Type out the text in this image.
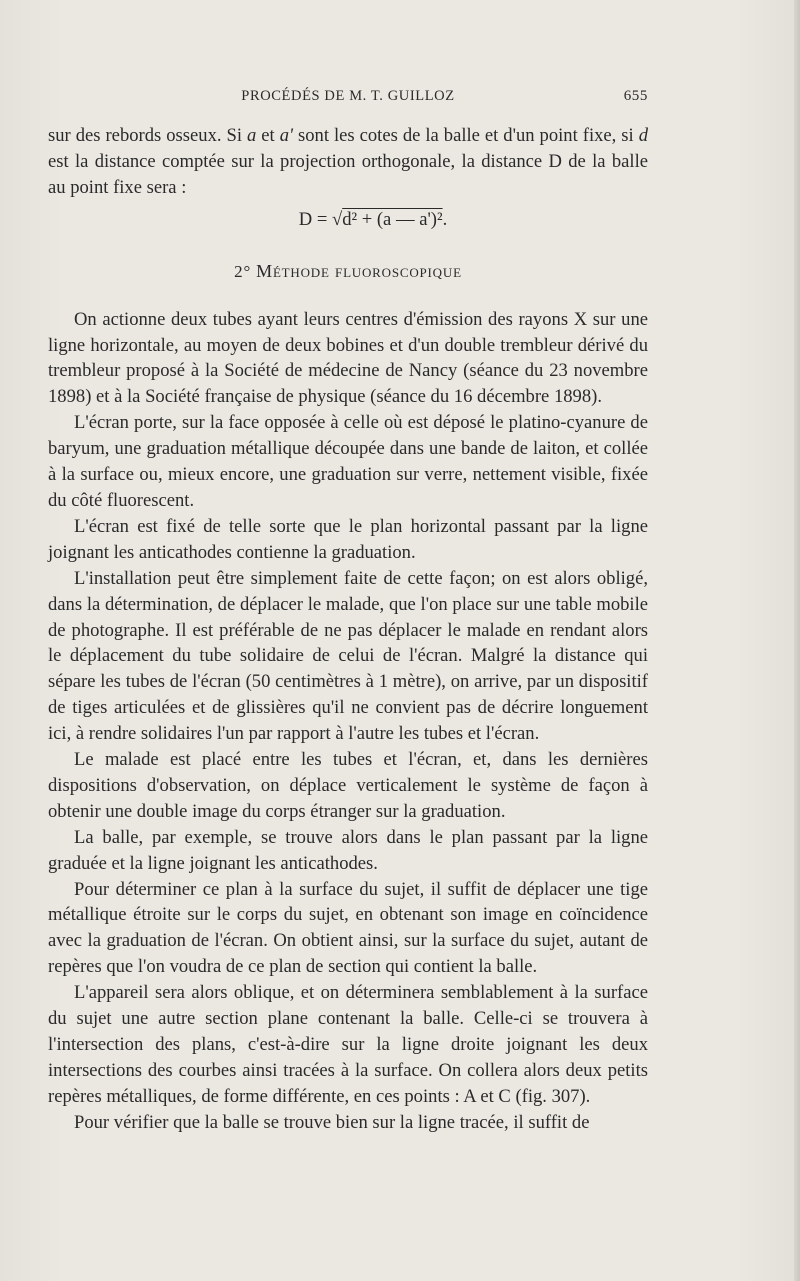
PROCÉDÉS DE M. T. GUILLOZ	655

sur des rebords osseux. Si a et a' sont les cotes de la balle et d'un point fixe, si d est la distance comptée sur la projection orthogonale, la distance D de la balle au point fixe sera :

D = √d² + (a — a')².
2° Méthode fluoroscopique

On actionne deux tubes ayant leurs centres d'émission des rayons X sur une ligne horizontale, au moyen de deux bobines et d'un double trembleur dérivé du trembleur proposé à la Société de médecine de Nancy (séance du 23 novembre 1898) et à la Société française de physique (séance du 16 décembre 1898).

L'écran porte, sur la face opposée à celle où est déposé le platino-cyanure de baryum, une graduation métallique découpée dans une bande de laiton, et collée à la surface ou, mieux encore, une graduation sur verre, nettement visible, fixée du côté fluorescent.

L'écran est fixé de telle sorte que le plan horizontal passant par la ligne joignant les anticathodes contienne la graduation.

L'installation peut être simplement faite de cette façon; on est alors obligé, dans la détermination, de déplacer le malade, que l'on place sur une table mobile de photographe. Il est préférable de ne pas déplacer le malade en rendant alors le déplacement du tube solidaire de celui de l'écran. Malgré la distance qui sépare les tubes de l'écran (50 centimètres à 1 mètre), on arrive, par un dispositif de tiges articulées et de glissières qu'il ne convient pas de décrire longuement ici, à rendre solidaires l'un par rapport à l'autre les tubes et l'écran.

Le malade est placé entre les tubes et l'écran, et, dans les dernières dispositions d'observation, on déplace verticalement le système de façon à obtenir une double image du corps étranger sur la graduation.

La balle, par exemple, se trouve alors dans le plan passant par la ligne graduée et la ligne joignant les anticathodes.

Pour déterminer ce plan à la surface du sujet, il suffit de déplacer une tige métallique étroite sur le corps du sujet, en obtenant son image en coïncidence avec la graduation de l'écran. On obtient ainsi, sur la surface du sujet, autant de repères que l'on voudra de ce plan de section qui contient la balle.

L'appareil sera alors oblique, et on déterminera semblablement à la surface du sujet une autre section plane contenant la balle. Celle-ci se trouvera à l'intersection des plans, c'est-à-dire sur la ligne droite joignant les deux intersections des courbes ainsi tracées à la surface. On collera alors deux petits repères métalliques, de forme différente, en ces points : A et C (fig. 307).

Pour vérifier que la balle se trouve bien sur la ligne tracée, il suffit de
